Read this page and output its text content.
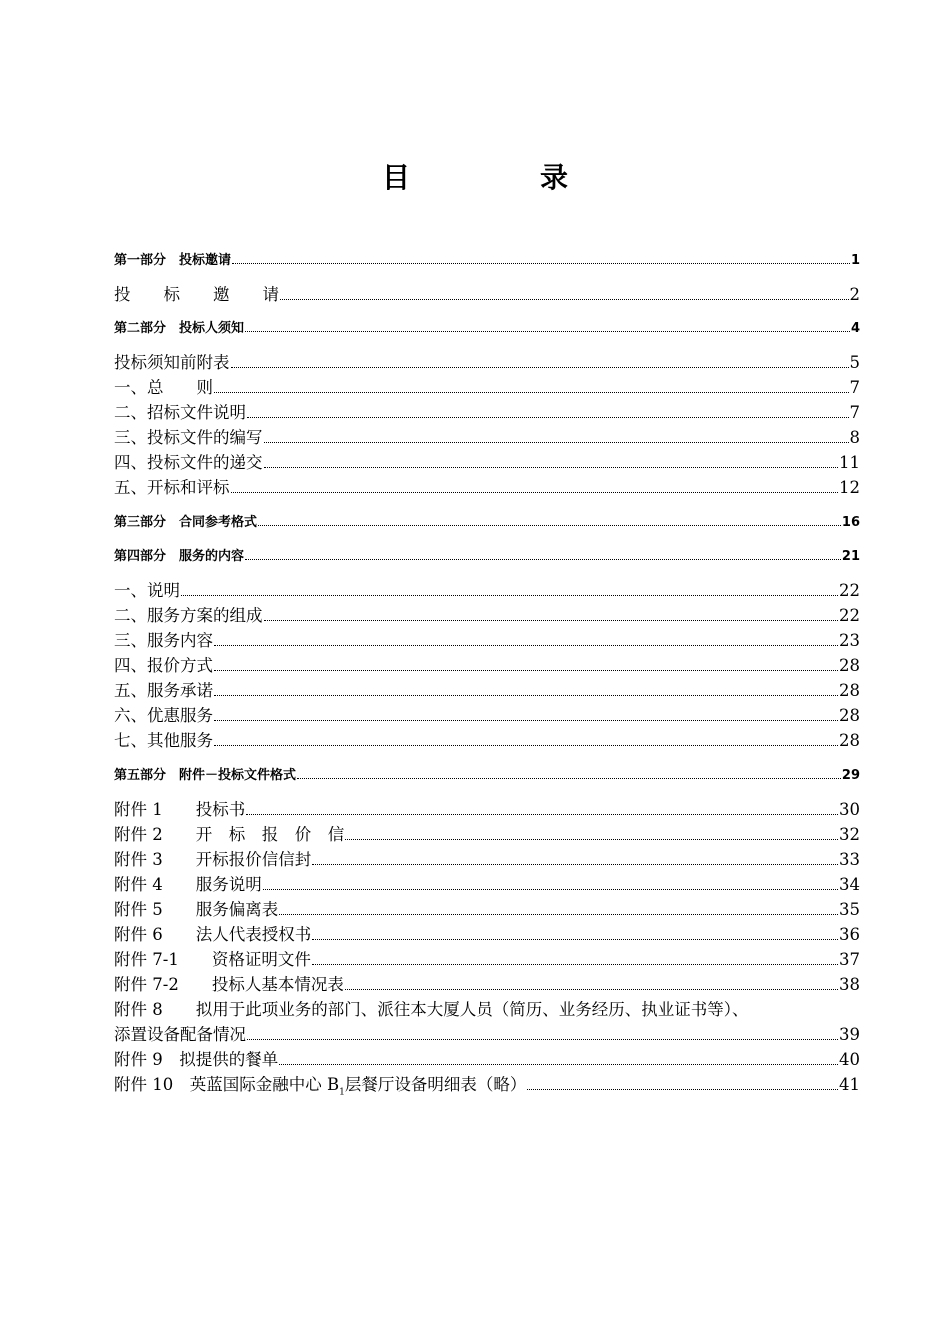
目	录
第一部分　投标邀请	1
投　　标　　邀　　请	2
第二部分　投标人须知	4
投标须知前附表	5
一、总　　则	7
二、招标文件说明	7
三、投标文件的编写	8
四、投标文件的递交	11
五、开标和评标	12
第三部分　合同参考格式	16
第四部分　服务的内容	21
一、说明	22
二、服务方案的组成	22
三、服务内容	23
四、报价方式	28
五、服务承诺	28
六、优惠服务	28
七、其他服务	28
第五部分　附件－投标文件格式	29
附件 1　　投标书	30
附件 2　　开　标　报　价　信	32
附件 3　　开标报价信信封	33
附件 4　　服务说明	34
附件 5　　服务偏离表	35
附件 6　　法人代表授权书	36
附件 7-1　　资格证明文件	37
附件 7-2　　投标人基本情况表	38
附件 8　　拟用于此项业务的部门、派往本大厦人员（简历、业务经历、执业证书等）、
添置设备配备情况	39
附件 9　拟提供的餐单	40
附件 10　英蓝国际金融中心 $B_1$层餐厅设备明细表（略）	41
